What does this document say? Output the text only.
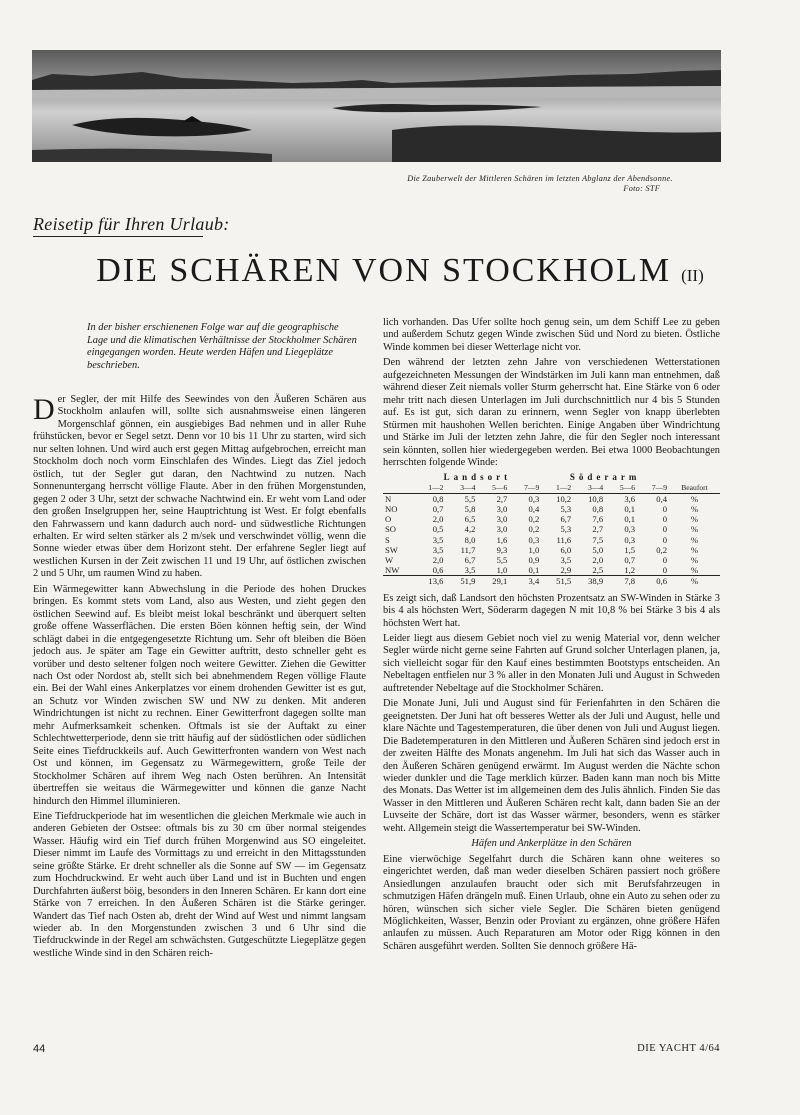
Die Zauberwelt der Mittleren Schären im letzten Abglanz der Abendsonne.
Foto: STF
Reisetip für Ihren Urlaub:
DIE SCHÄREN VON STOCKHOLM (II)

In der bisher erschienenen Folge war auf die geographische Lage und die klimatischen Verhältnisse der Stockholmer Schären eingegangen worden. Heute werden Häfen und Liegeplätze beschrieben.

Der Segler, der mit Hilfe des Seewindes von den Äußeren Schären aus Stockholm anlaufen will, sollte sich ausnahmsweise einen längeren Morgenschlaf gönnen, ein ausgiebiges Bad nehmen und in aller Ruhe frühstücken, bevor er Segel setzt. Denn vor 10 bis 11 Uhr zu starten, wird sich nur selten lohnen. Und wird auch erst gegen Mittag aufgebrochen, erreicht man Stockholm doch noch vorm Einschlafen des Windes. Liegt das Ziel jedoch östlich, tut der Segler gut daran, den Nachtwind zu nutzen. Nach Sonnenuntergang herrscht völlige Flaute. Aber in den frühen Morgenstunden, gegen 2 oder 3 Uhr, setzt der schwache Nachtwind ein. Er weht vom Land oder den großen Inselgruppen her, seine Hauptrichtung ist West. Er folgt ebenfalls den Fahrwassern und kann dadurch auch nord- und südwestliche Richtungen erhalten. Er wird selten stärker als 2 m/sek und verschwindet völlig, wenn die Sonne wieder etwas über dem Horizont steht. Der erfahrene Segler liegt auf westlichen Kursen in der Zeit zwischen 11 und 19 Uhr, auf östlichen zwischen 2 und 5 Uhr, um raumen Wind zu haben.

Ein Wärmegewitter kann Abwechslung in die Periode des hohen Druckes bringen. Es kommt stets vom Land, also aus Westen, und zieht gegen den östlichen Seewind auf. Es bleibt meist lokal beschränkt und überquert selten große offene Wasserflächen. Die ersten Böen können heftig sein, der Wind schlägt dabei in die entgegengesetzte Richtung um. Sehr oft bleiben die Böen jedoch aus. Je später am Tage ein Gewitter auftritt, desto schneller geht es vorüber und desto seltener folgen noch weitere Gewitter. Ziehen die Gewitter nach Ost oder Nordost ab, stellt sich bei abnehmendem Regen völlige Flaute ein. Bei der Wahl eines Ankerplatzes vor einem drohenden Gewitter ist es gut, an Schutz vor Winden zwischen SW und NW zu denken. Mit anderen Windrichtungen ist nicht zu rechnen. Einer Gewitterfront dagegen sollte man mehr Aufmerksamkeit schenken. Oftmals ist sie der Auftakt zu einer Schlechtwetterperiode, denn sie tritt häufig auf der südöstlichen oder südlichen Seite eines Tiefdruckkeils auf. Auch Gewitterfronten wandern von West nach Ost und können, im Gegensatz zu Wärmegewittern, große Teile der Stockholmer Schären auf ihrem Weg nach Osten berühren. An Intensität übertreffen sie weitaus die Wärmegewitter und können die ganze Nacht hindurch den Himmel illuminieren.

Eine Tiefdruckperiode hat im wesentlichen die gleichen Merkmale wie auch in anderen Gebieten der Ostsee: oftmals bis zu 30 cm über normal steigendes Wasser. Häufig wird ein Tief durch frühen Morgenwind aus SO eingeleitet. Dieser nimmt im Laufe des Vormittags zu und erreicht in den Mittagsstunden seine größte Stärke. Er dreht schneller als die Sonne auf SW — im Gegensatz zum Hochdruckwind. Er weht auch über Land und ist in Buchten und engen Durchfahrten äußerst böig, besonders in den Inneren Schären. Er kann dort eine Stärke von 7 erreichen. In den Äußeren Schären ist die Stärke geringer. Wandert das Tief nach Osten ab, dreht der Wind auf West und nimmt langsam wieder ab. In den Morgenstunden zwischen 3 und 6 Uhr sind die Tiefdruckwinde in der Regel am schwächsten. Gutgeschützte Liegeplätze gegen westliche Winde sind in den Schären reich-

lich vorhanden. Das Ufer sollte hoch genug sein, um dem Schiff Lee zu geben und außerdem Schutz gegen Winde zwischen Süd und Nord zu bieten. Östliche Winde kommen bei dieser Wetterlage nicht vor.

Den während der letzten zehn Jahre von verschiedenen Wetterstationen aufgezeichneten Messungen der Windstärken im Juli kann man entnehmen, daß während dieser Zeit niemals voller Sturm geherrscht hat. Eine Stärke von 6 oder mehr tritt nach diesen Unterlagen im Juli durchschnittlich nur 4 bis 5 Stunden auf. Es ist gut, sich daran zu erinnern, wenn Segler von knapp überlebten Stürmen mit haushohen Wellen berichten. Einige Angaben über Windrichtung und Stärke im Juli der letzten zehn Jahre, die für den Segler noch interessant sein könnten, sollen hier wiedergegeben werden. Bei etwa 1000 Beobachtungen herrschten folgende Winde:

	Landsort				Söderarm				
	1—2	3—4	5—6	7—9	1—2	3—4	5—6	7—9	Beaufort
N	0,8	5,5	2,7	0,3	10,2	10,8	3,6	0,4	%
NO	0,7	5,8	3,0	0,4	5,3	0,8	0,1	0	%
O	2,0	6,5	3,0	0,2	6,7	7,6	0,1	0	%
SO	0,5	4,2	3,0	0,2	5,3	2,7	0,3	0	%
S	3,5	8,0	1,6	0,3	11,6	7,5	0,3	0	%
SW	3,5	11,7	9,3	1,0	6,0	5,0	1,5	0,2	%
W	2,0	6,7	5,5	0,9	3,5	2,0	0,7	0	%
NW	0,6	3,5	1,0	0,1	2,9	2,5	1,2	0	%
	13,6	51,9	29,1	3,4	51,5	38,9	7,8	0,6	%

Es zeigt sich, daß Landsort den höchsten Prozentsatz an SW-Winden in Stärke 3 bis 4 als höchsten Wert, Söderarm dagegen N mit 10,8 % bei Stärke 3 bis 4 als höchsten Wert hat.

Leider liegt aus diesem Gebiet noch viel zu wenig Material vor, denn welcher Segler würde nicht gerne seine Fahrten auf Grund solcher Unterlagen planen, ja, sich vielleicht sogar für den Kauf eines bestimmten Bootstyps entscheiden. An Nebeltagen entfielen nur 3 % aller in den Monaten Juli und August in Schweden auftretender Nebeltage auf die Stockholmer Schären.

Die Monate Juni, Juli und August sind für Ferienfahrten in den Schären die geeignetsten. Der Juni hat oft besseres Wetter als der Juli und August, helle und klare Nächte und Tagestemperaturen, die über denen von Juli und August liegen. Die Badetemperaturen in den Mittleren und Äußeren Schären sind jedoch erst in der zweiten Hälfte des Monats angenehm. Im Juli hat sich das Wasser auch in den Äußeren Schären genügend erwärmt. Im August werden die Nächte schon wieder dunkler und die Tage merklich kürzer. Baden kann man noch bis Mitte des Monats. Das Wetter ist im allgemeinen dem des Julis ähnlich. Finden Sie das Wasser in den Mittleren und Äußeren Schären recht kalt, dann baden Sie an der Luvseite der Schäre, dort ist das Wasser wärmer, besonders, wenn es stärker weht. Allgemein steigt die Wassertemperatur bei SW-Winden.

Häfen und Ankerplätze in den Schären

Eine vierwöchige Segelfahrt durch die Schären kann ohne weiteres so eingerichtet werden, daß man weder dieselben Schären passiert noch größere Ansiedlungen anzulaufen braucht oder sich mit Berufsfahrzeugen in schmutzigen Häfen drängeln muß. Einen Urlaub, ohne ein Auto zu sehen oder zu hören, wünschen sich sicher viele Segler. Die Schären bieten genügend Möglichkeiten, Wasser, Benzin oder Proviant zu ergänzen, ohne größere Häfen anlaufen zu müssen. Auch Reparaturen am Motor oder Rigg können in den Schären ausgeführt werden. Sollten Sie dennoch größere Hä-

44	DIE YACHT 4/64
